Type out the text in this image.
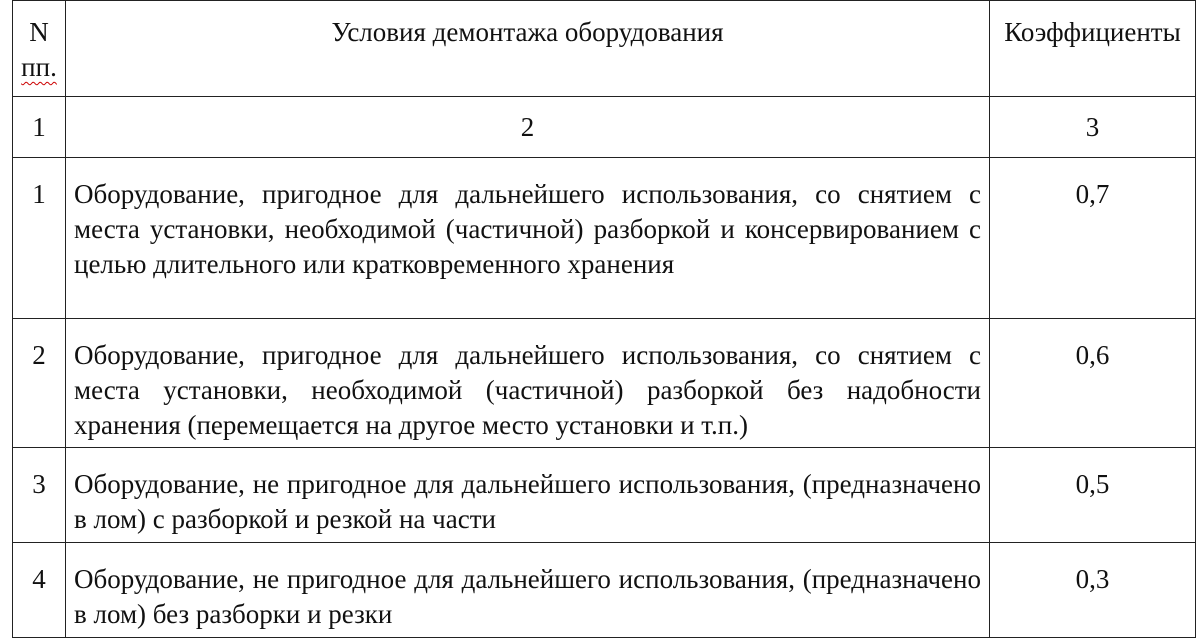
N
пп.	Условия демонтажа оборудования	Коэффициенты
1	2	3
1	Оборудование, пригодное для дальнейшего использования, со снятием с места установки, необходимой (частичной) разборкой и консервированием с целью длительного или кратковременного хранения	0,7
2	Оборудование, пригодное для дальнейшего использования, со снятием с места установки, необходимой (частичной) разборкой без надобности хранения (перемещается на другое место установки и т.п.)	0,6
3	Оборудование, не пригодное для дальнейшего использования, (предназначено в лом) с разборкой и резкой на части	0,5
4	Оборудование, не пригодное для дальнейшего использования, (предназначено в лом) без разборки и резки	0,3
